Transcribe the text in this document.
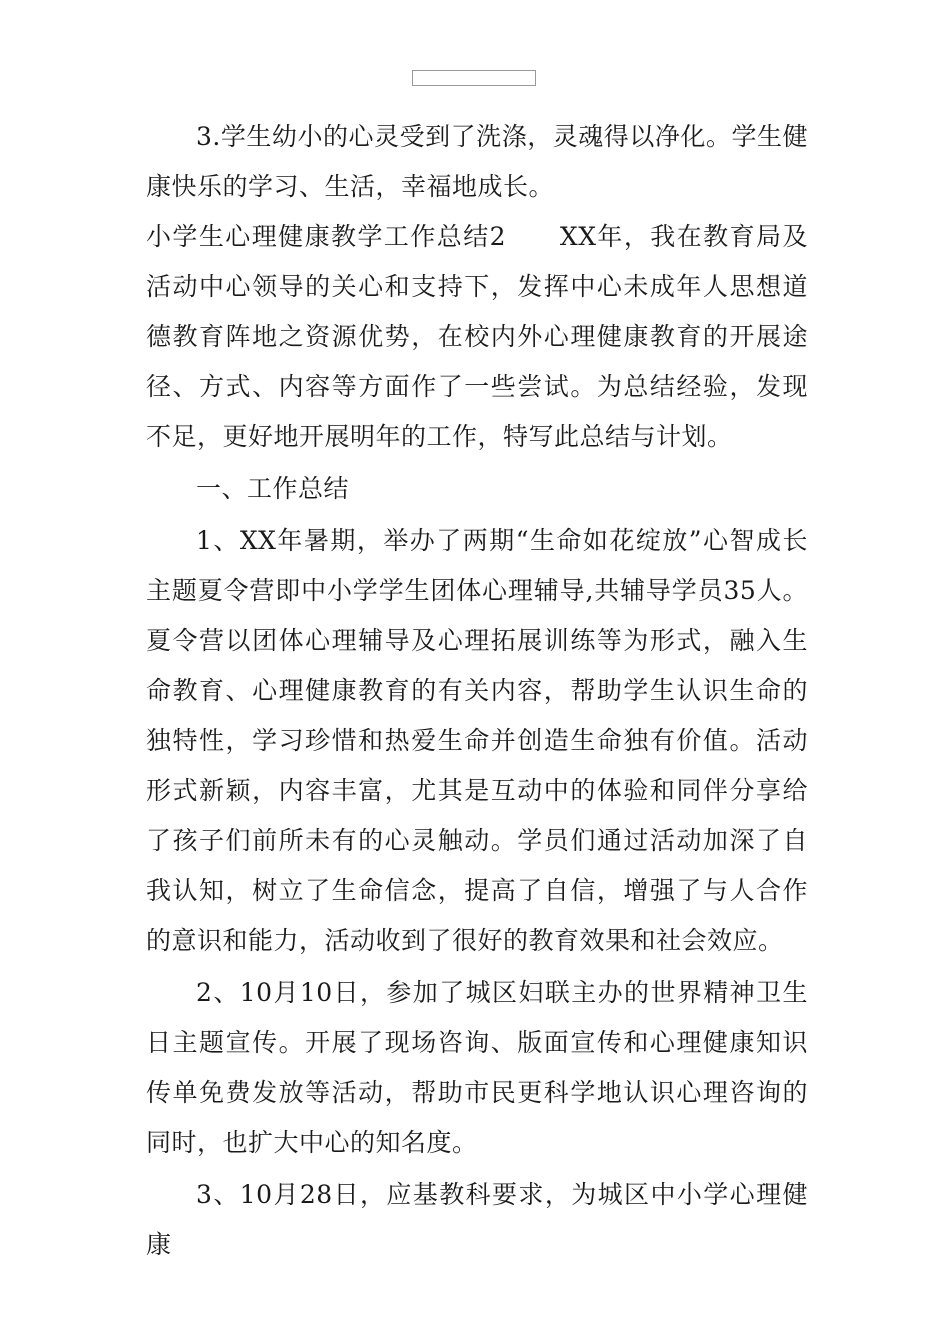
3.学生幼小的心灵受到了洗涤，灵魂得以净化。学生健康快乐的学习、生活，幸福地成长。

小学生心理健康教学工作总结2　　XX年，我在教育局及活动中心领导的关心和支持下，发挥中心未成年人思想道德教育阵地之资源优势，在校内外心理健康教育的开展途径、方式、内容等方面作了一些尝试。为总结经验，发现不足，更好地开展明年的工作，特写此总结与计划。

一、工作总结

1、XX年暑期，举办了两期“生命如花绽放”心智成长主题夏令营即中小学学生团体心理辅导,共辅导学员35人。夏令营以团体心理辅导及心理拓展训练等为形式，融入生命教育、心理健康教育的有关内容，帮助学生认识生命的独特性，学习珍惜和热爱生命并创造生命独有价值。活动形式新颖，内容丰富，尤其是互动中的体验和同伴分享给了孩子们前所未有的心灵触动。学员们通过活动加深了自我认知，树立了生命信念，提高了自信，增强了与人合作的意识和能力，活动收到了很好的教育效果和社会效应。

2、10月10日，参加了城区妇联主办的世界精神卫生日主题宣传。开展了现场咨询、版面宣传和心理健康知识传单免费发放等活动，帮助市民更科学地认识心理咨询的同时，也扩大中心的知名度。

3、10月28日，应基教科要求，为城区中小学心理健康
